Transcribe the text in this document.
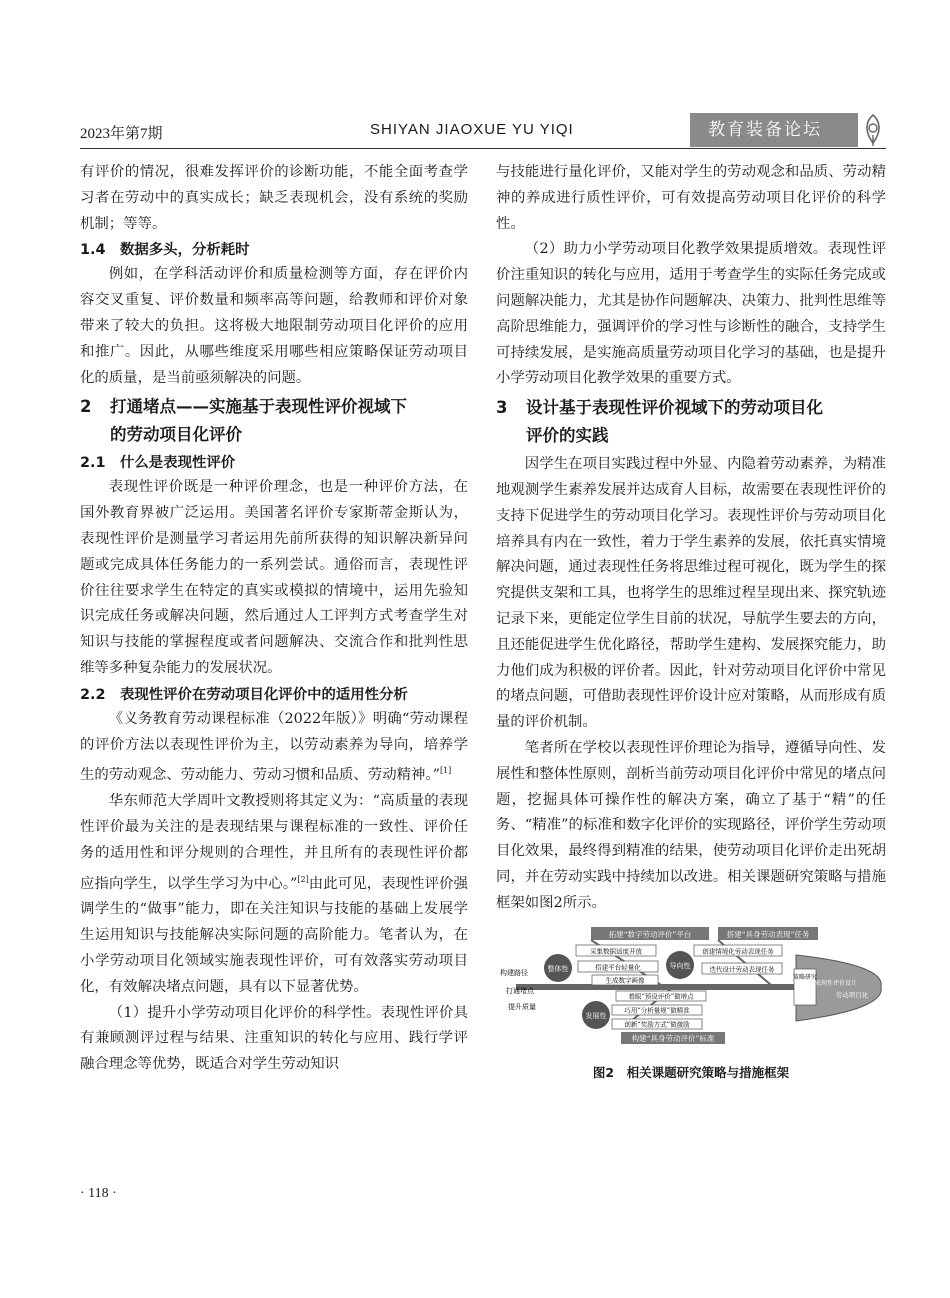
2023年第7期	SHIYAN JIAOXUE YU YIQI	教育装备论坛

有评价的情况，很难发挥评价的诊断功能，不能全面考查学习者在劳动中的真实成长；缺乏表现机会，没有系统的奖励机制；等等。

1.4 数据多头，分析耗时

例如，在学科活动评价和质量检测等方面，存在评价内容交叉重复、评价数量和频率高等问题，给教师和评价对象带来了较大的负担。这将极大地限制劳动项目化评价的应用和推广。因此，从哪些维度采用哪些相应策略保证劳动项目化的质量，是当前亟须解决的问题。

2 打通堵点——实施基于表现性评价视域下
的劳动项目化评价
2.1 什么是表现性评价

表现性评价既是一种评价理念，也是一种评价方法，在国外教育界被广泛运用。美国著名评价专家斯蒂金斯认为，表现性评价是测量学习者运用先前所获得的知识解决新异问题或完成具体任务能力的一系列尝试。通俗而言，表现性评价往往要求学生在特定的真实或模拟的情境中，运用先验知识完成任务或解决问题，然后通过人工评判方式考查学生对知识与技能的掌握程度或者问题解决、交流合作和批判性思维等多种复杂能力的发展状况。

2.2 表现性评价在劳动项目化评价中的适用性分析

《义务教育劳动课程标准（2022年版）》明确“劳动课程的评价方法以表现性评价为主，以劳动素养为导向，培养学生的劳动观念、劳动能力、劳动习惯和品质、劳动精神。”[1]

华东师范大学周叶文教授则将其定义为：“高质量的表现性评价最为关注的是表现结果与课程标准的一致性、评价任务的适用性和评分规则的合理性，并且所有的表现性评价都应指向学生，以学生学习为中心。”[2]由此可见，表现性评价强调学生的“做事”能力，即在关注知识与技能的基础上发展学生运用知识与技能解决实际问题的高阶能力。笔者认为，在小学劳动项目化领域实施表现性评价，可有效落实劳动项目化，有效解决堵点问题，具有以下显著优势。

（1）提升小学劳动项目化评价的科学性。表现性评价具有兼顾测评过程与结果、注重知识的转化与应用、践行学评融合理念等优势，既适合对学生劳动知识

与技能进行量化评价，又能对学生的劳动观念和品质、劳动精神的养成进行质性评价，可有效提高劳动项目化评价的科学性。

（2）助力小学劳动项目化教学效果提质增效。表现性评价注重知识的转化与应用，适用于考查学生的实际任务完成或问题解决能力，尤其是协作问题解决、决策力、批判性思维等高阶思维能力，强调评价的学习性与诊断性的融合，支持学生可持续发展，是实施高质量劳动项目化学习的基础，也是提升小学劳动项目化教学效果的重要方式。

3 设计基于表现性评价视域下的劳动项目化
评价的实践

因学生在项目实践过程中外显、内隐着劳动素养，为精准地观测学生素养发展并达成育人目标，故需要在表现性评价的支持下促进学生的劳动项目化学习。表现性评价与劳动项目化培养具有内在一致性，着力于学生素养的发展，依托真实情境解决问题，通过表现性任务将思维过程可视化，既为学生的探究提供支架和工具，也将学生的思维过程呈现出来、探究轨迹记录下来，更能定位学生目前的状况，导航学生要去的方向，且还能促进学生优化路径，帮助学生建构、发展探究能力，助力他们成为积极的评价者。因此，针对劳动项目化评价中常见的堵点问题，可借助表现性评价设计应对策略，从而形成有质量的评价机制。

笔者所在学校以表现性评价理论为指导，遵循导向性、发展性和整体性原则，剖析当前劳动项目化评价中常见的堵点问题，挖掘具体可操作性的解决方案，确立了基于“精”的任务、“精准”的标准和数字化评价的实现路径，评价学生劳动项目化效果，最终得到精准的结果，使劳动项目化评价走出死胡同，并在劳动实践中持续加以改进。相关课题研究策略与措施框架如图2所示。

拓建“数字劳动评价”平台	搭建“具身劳动表现”任务
采集数据适度开放
搭建平台轻量化
生成数字画像
创建情境化劳动表现任务
迭代设计劳动表现任务
着眼“预设评价”做增点
巧用“分析量规”做精准
创新“奖励方式”做激励
构建“具身劳动评价”标准
整体性	导向性
发展性
构建路径
打通堵点
提升质量
策略研究
表现性评价设计
劳动项目化
图2　相关课题研究策略与措施框架
· 118 ·
